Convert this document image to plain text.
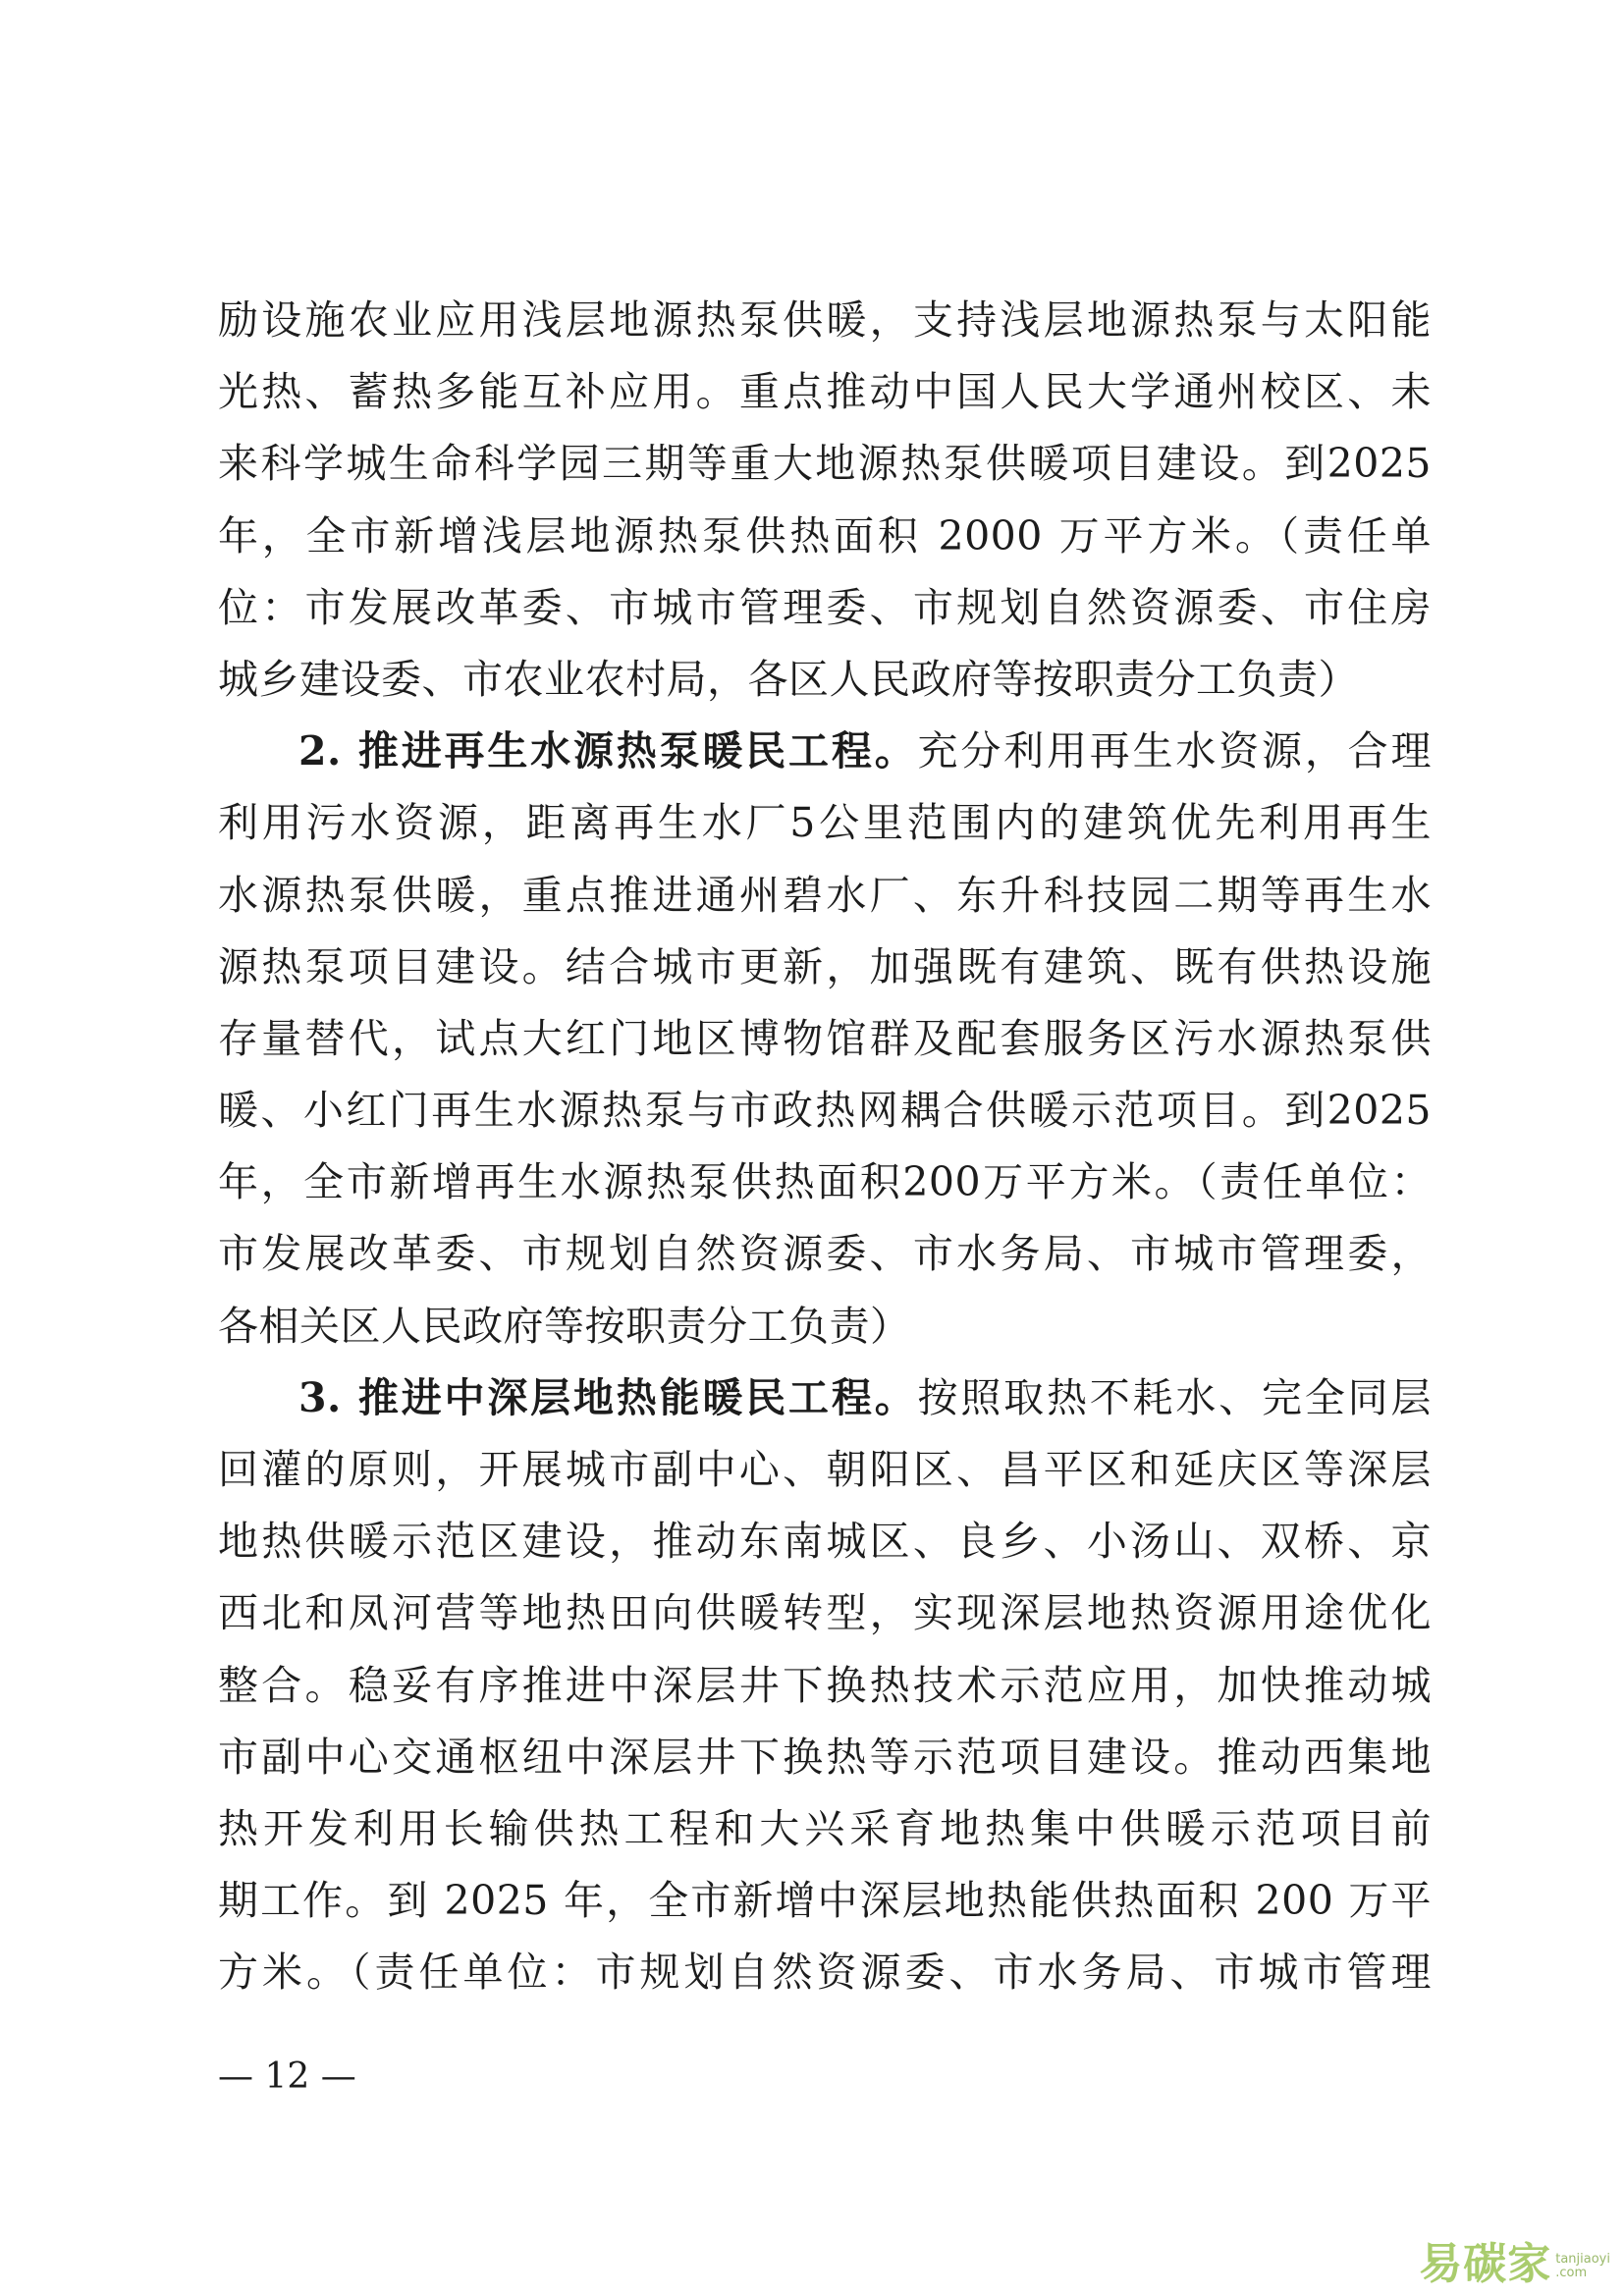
励设施农业应用浅层地源热泵供暖，支持浅层地源热泵与太阳能
光热、蓄热多能互补应用。重点推动中国人民大学通州校区、未
来科学城生命科学园三期等重大地源热泵供暖项目建设。到2025
年，全市新增浅层地源热泵供热面积 2000 万平方米。（责任单
位：市发展改革委、市城市管理委、市规划自然资源委、市住房
城乡建设委、市农业农村局，各区人民政府等按职责分工负责）
2. 推进再生水源热泵暖民工程。充分利用再生水资源，合理
利用污水资源，距离再生水厂5公里范围内的建筑优先利用再生
水源热泵供暖，重点推进通州碧水厂、东升科技园二期等再生水
源热泵项目建设。结合城市更新，加强既有建筑、既有供热设施
存量替代，试点大红门地区博物馆群及配套服务区污水源热泵供
暖、小红门再生水源热泵与市政热网耦合供暖示范项目。到2025
年，全市新增再生水源热泵供热面积200万平方米。（责任单位：
市发展改革委、市规划自然资源委、市水务局、市城市管理委，
各相关区人民政府等按职责分工负责）
3. 推进中深层地热能暖民工程。按照取热不耗水、完全同层
回灌的原则，开展城市副中心、朝阳区、昌平区和延庆区等深层
地热供暖示范区建设，推动东南城区、良乡、小汤山、双桥、京
西北和凤河营等地热田向供暖转型，实现深层地热资源用途优化
整合。稳妥有序推进中深层井下换热技术示范应用，加快推动城
市副中心交通枢纽中深层井下换热等示范项目建设。推动西集地
热开发利用长输供热工程和大兴采育地热集中供暖示范项目前
期工作。到 2025 年，全市新增中深层地热能供热面积 200 万平
方米。（责任单位：市规划自然资源委、市水务局、市城市管理
— 12 —
易碳家 tanjiaoyi
.com
